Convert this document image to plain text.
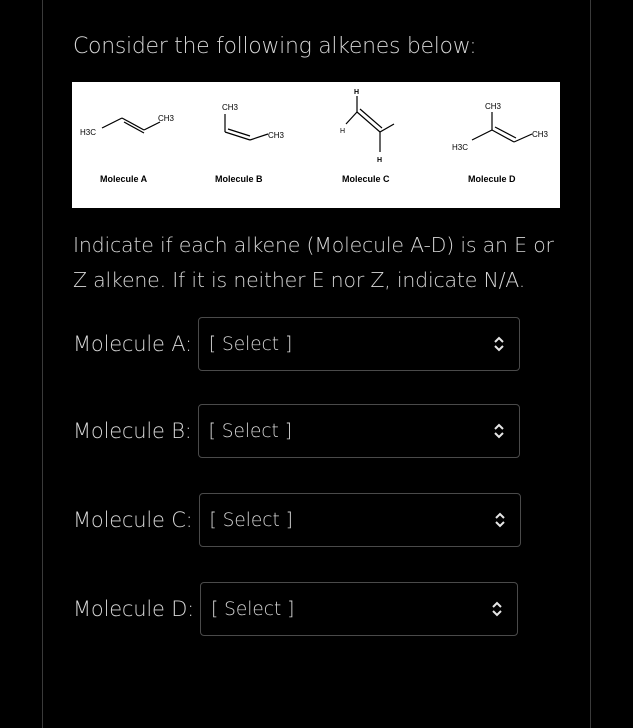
Consider the following alkenes below:
H3C
CH3
Molecule A
CH3
CH3
Molecule B
H
H
H
Molecule C
CH3
H3C
CH3
Molecule D
Indicate if each alkene (Molecule A-D) is an E or Z alkene. If it is neither E nor Z, indicate N/A.
Molecule A: [ Select ]
Molecule B: [ Select ]
Molecule C: [ Select ]
Molecule D: [ Select ]
